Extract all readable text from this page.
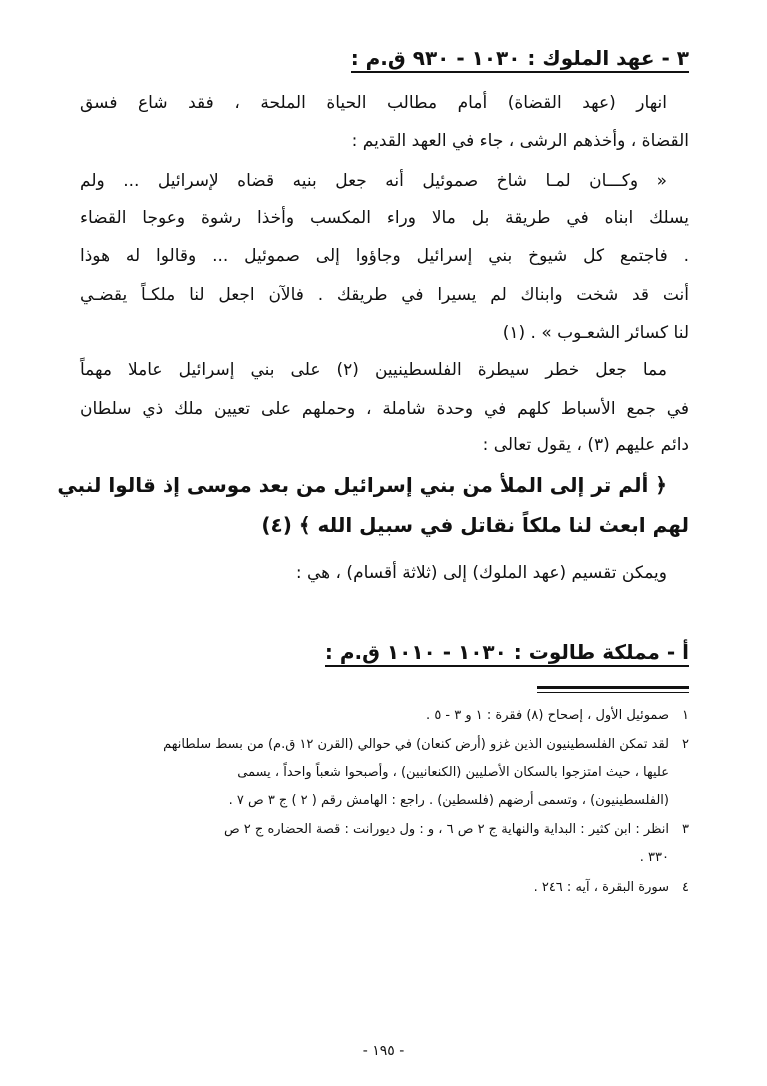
٣ - عهد الملوك : ١٠٣٠ - ٩٣٠ ق.م :
انهار (عهد القضاة) أمام مطالب الحياة الملحة ، فقد شاع فسق
القضاة ، وأخذهم الرشى ، جاء في العهد القديم :
« وكـــان لمـا شاخ صموئيل أنه جعل بنيه قضاه لإسرائيل ... ولم
يسلك ابناه في طريقة بل مالا وراء المكسب وأخذا رشوة وعوجا القضاء
. فاجتمع كل شيوخ بني إسرائيل وجاؤوا إلى صموئيل ... وقالوا له هوذا
أنت قد شخت وابناك لم يسيرا في طريقك . فالآن اجعل لنا ملكـاً يقضـي
لنا كسائر الشعـوب » . (١)
مما جعل خطر سيطرة الفلسطينيين (٢) على بني إسرائيل عاملا مهماً
في جمع الأسباط كلهم في وحدة شاملة ، وحملهم على تعيين ملك ذي سلطان
دائم عليهم (٣) ، يقول تعالى :
﴿ ألم تر إلى الملأ من بني إسرائيل من بعد موسى إذ قالوا لنبي
لهم ابعث لنا ملكاً نقاتل في سبيل الله ﴾ (٤)
ويمكن تقسيم (عهد الملوك) إلى (ثلاثة أقسام) ، هي :
أ - مملكة طالوت : ١٠٣٠ - ١٠١٠ ق.م :
١صموئيل الأول ، إصحاح (٨) فقرة : ١ و ٣ - ٥ .
٢لقد تمكن الفلسطينيون الذين غزو (أرض كنعان) في حوالي (القرن ١٢ ق.م) من بسط سلطانهم
عليها ، حيث امتزجوا بالسكان الأصليين (الكنعانيين) ، وأصبحوا شعباً واحداً ، يسمى
(الفلسطينيون) ، وتسمى أرضهم (فلسطين) . راجع : الهامش رقم ( ٢ ) ج ٣ ص ٧ .
٣انظر : ابن كثير : البداية والنهاية ج ٢ ص ٦ ، و : ول ديورانت : قصة الحضاره ج ٢ ص
٣٣٠ .
٤سورة البقرة ، آيه : ٢٤٦ .
- ١٩٥ -
